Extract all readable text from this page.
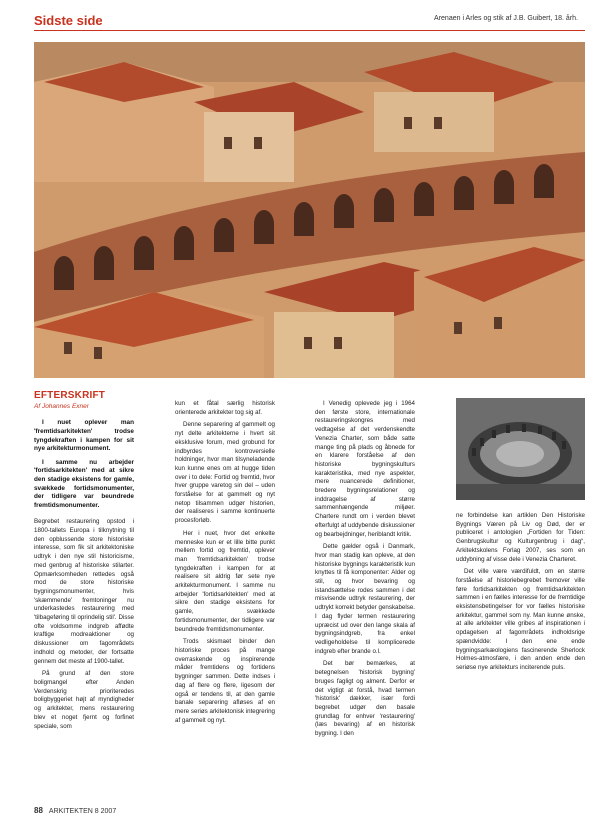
Sidste side	Arenaen i Arles og stik af J.B. Guibert, 18. årh.
EFTERSKRIFT
Af Johannes Exner

I nuet oplever man 'fremtidsarkitekten' trodse tyngdekraften i kampen for sit nye arkitekturmonument.

I samme nu arbejder 'fortidsarkitekten' med at sikre den stadige eksistens for gamle, svækkede fortidsmonumenter, der tidligere var beundrede fremtidsmonumenter.

Begrebet restaurering opstod i 1800-tallets Europa i tilknytning til den opblussende store historiske interesse, som fik sit arkitektoniske udtryk i den nye stil historicisme, med genbrug af historiske stilarter. Opmærksomheden rettedes også mod de store historiske bygningsmonumenter, hvis 'skæmmende' fremtoninger nu underkastedes restaurering med 'tilbageføring til oprindelig stil'. Disse ofte voldsomme indgreb affødte kraftige modreaktioner og diskussioner om fagområdets indhold og metoder, der fortsatte gennem det meste af 1900-tallet.

På grund af den store boligmangel efter Anden Verdenskrig prioriteredes boligbyggeriet højt af myndigheder og arkitekter, mens restaurering blev et noget fjernt og forfinet speciale, som

kun et fåtal særlig historisk orienterede arkitekter tog sig af.

Denne separering af gammelt og nyt delte arkitekterne i hvert sit eksklusive forum, med grobund for indbyrdes kontroversielle holdninger, hvor man tilsyneladende kun kunne enes om at hugge tiden over i to dele: Fortid og fremtid, hvor hver gruppe varetog sin del – uden forståelse for at gammelt og nyt netop tilsammen udgør historien, der realiseres i samme kontinuerte procesforløb.

Her i nuet, hvor det enkelte menneske kun er et lille bitte punkt mellem fortid og fremtid, oplever man 'fremtidsarkitekten' trodse tyngdekraften i kampen for at realisere sit aldrig før sete nye arkitekturmonument. I samme nu arbejder 'fortidsarkitekten' med at sikre den stadige eksistens for gamle, svækkede fortidsmonumenter, der tidligere var beundrede fremtidsmonumenter.

Trods skismaet binder den historiske proces på mange overraskende og inspirerende måder fremtidens og fortidens bygninger sammen. Dette indses i dag af flere og flere, ligesom der også er tendens til, at den gamle banale separering afløses af en mere seriøs arkitektonisk integrering af gammelt og nyt.

I Venedig oplevede jeg i 1964 den første store, internationale restaureringskongres med vedtagelse af det verdenskendte Venezia Charter, som både satte mange ting på plads og åbnede for en klarere forståelse af den historiske bygningskulturs karakteristika, med nye aspekter, mere nuancerede definitioner, bredere bygningsrelationer og inddragelse af større sammenhængende miljøer. Chartere rundt om i verden blevet efterfulgt af uddybende diskussioner og bearbejdninger, heriblandt kritik.

Dette gælder også i Danmark, hvor man stadig kan opleve, at den historiske bygnings karakteristik kun knyttes til få komponenter: Alder og stil, og hvor bevaring og istandsættelse rodes sammen i det misvisende udtryk restaurering, der udtrykt korrekt betyder genskabelse. I dag flyder termen restaurering upræcist ud over den lange skala af bygningsindgreb, fra enkel vedligeholdelse til komplicerede indgreb efter brande o.l.

Det bør bemærkes, at betegnelsen 'historisk bygning' bruges fagligt og alment. Derfor er det vigtigt at forstå, hvad termen 'historisk' dækker, især fordi begrebet udgør den basale grundlag for enhver 'restaurering' (læs bevaring) af en historisk bygning. I den

ne forbindelse kan artiklen Den Historiske Bygnings Væren på Liv og Død, der er publiceret i antologien „Fortiden for Tiden: Genbrugskultur og Kulturgenbrug i dag“, Arkitektskolens Forlag 2007, ses som en uddybning af visse dele i Venezia Charteret.

Det ville være værdifuldt, om en større forståelse af historiebegrebet fremover ville føre fortidsarkitekten og fremtidsarkitekten sammen i en fælles interesse for de fremtidige eksistensbetingelser for vor fælles historiske arkitektur, gammel som ny. Man kunne ønske, at alle arkitekter ville gribes af inspirationen i opdagelsen af fagområdets indholdsrige spændvidde: I den ene ende bygningsarkæologiens fascinerende Sherlock Holmes-atmosfære, i den anden ende den seriøse nye arkitekturs inciterende puls.

88 ARKITEKTEN 8 2007
